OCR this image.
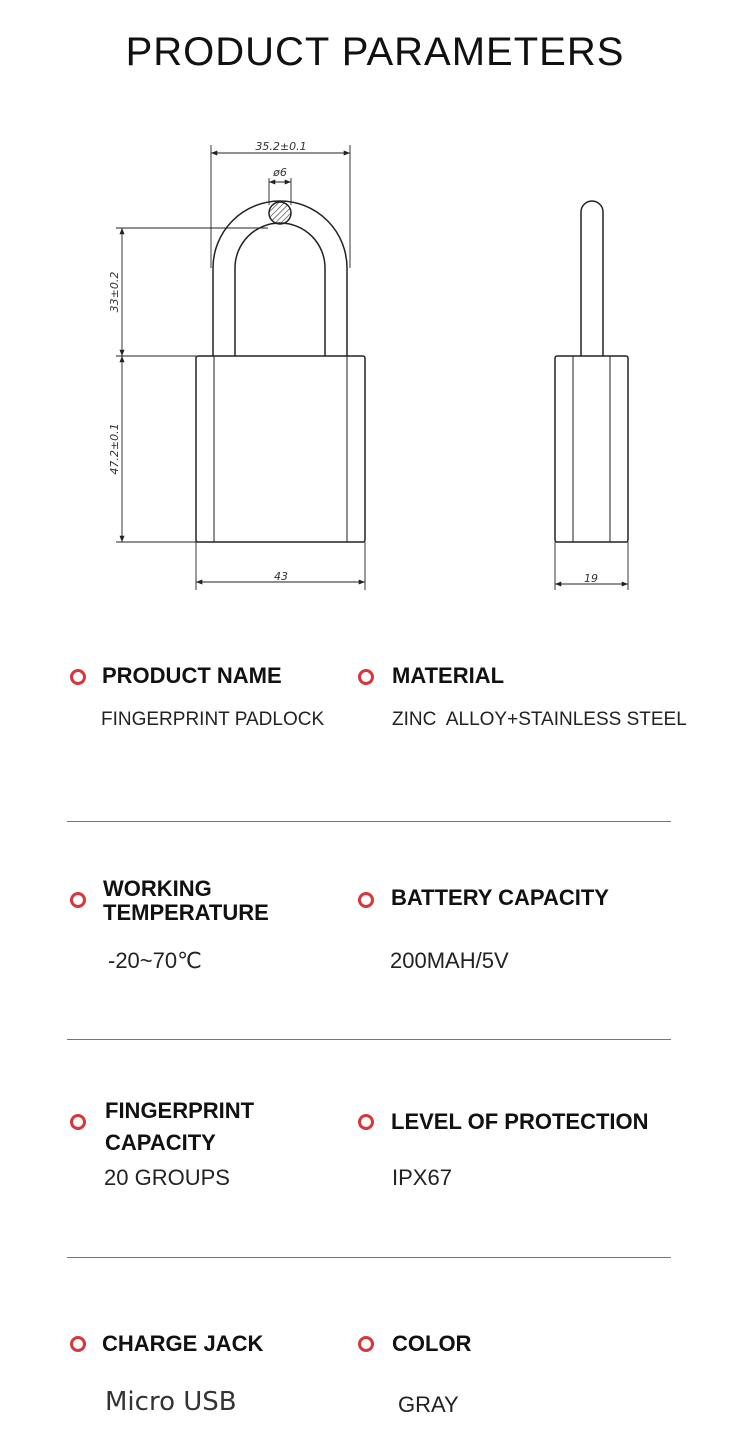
PRODUCT PARAMETERS
35.2±0.1
ø6
33±0.2
47.2±0.1
43	19
PRODUCT NAME
FINGERPRINT PADLOCK
MATERIAL
ZINC  ALLOY+STAINLESS STEEL
WORKING
TEMPERATURE
-20~70℃
BATTERY CAPACITY
200MAH/5V
FINGERPRINT
CAPACITY
20 GROUPS
LEVEL OF PROTECTION
IPX67
CHARGE JACK
Micro USB
COLOR
GRAY
